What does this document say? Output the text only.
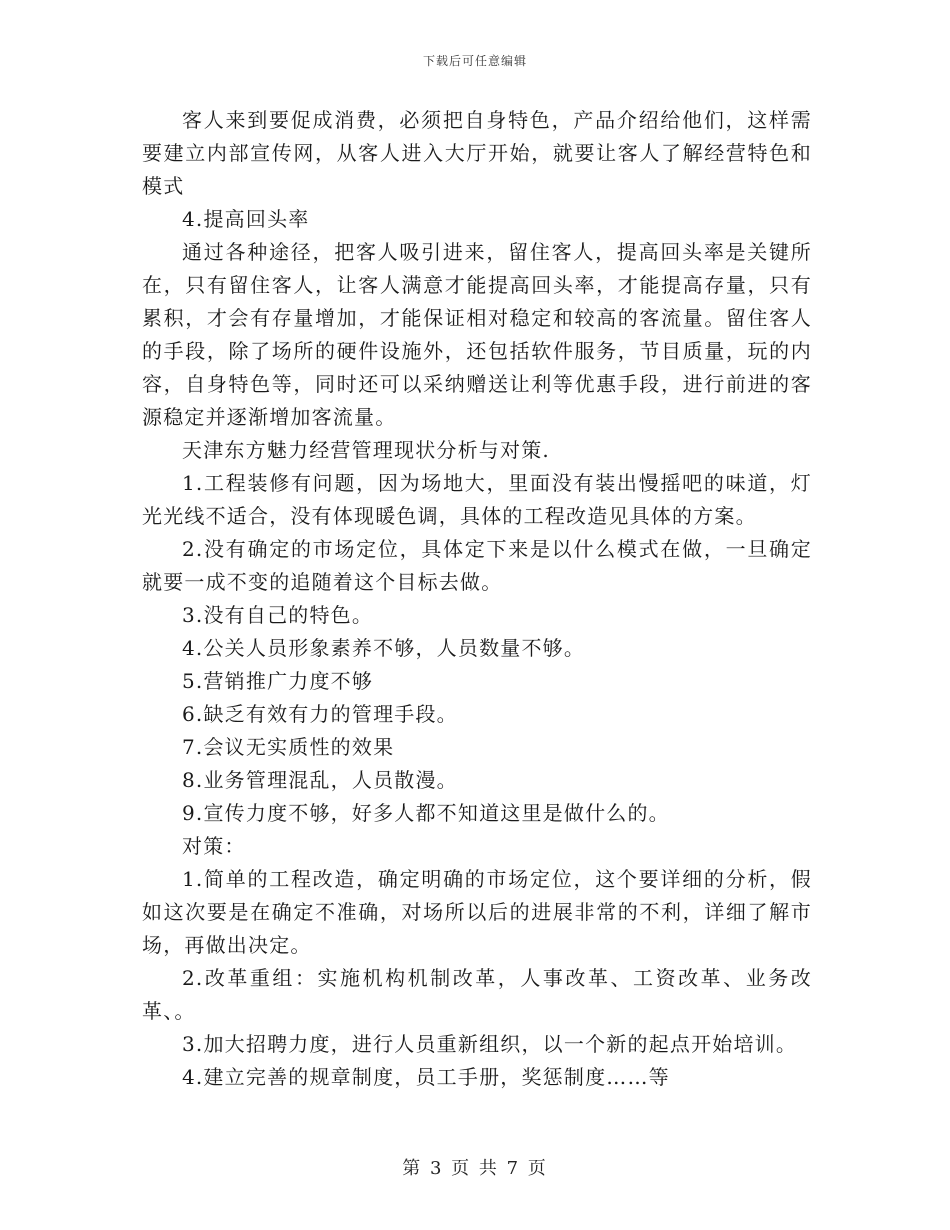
下载后可任意编辑

客人来到要促成消费，必须把自身特色，产品介绍给他们，这样需要建立内部宣传网，从客人进入大厅开始，就要让客人了解经营特色和模式

4.提高回头率

通过各种途径，把客人吸引进来，留住客人，提高回头率是关键所在，只有留住客人，让客人满意才能提高回头率，才能提高存量，只有累积，才会有存量增加，才能保证相对稳定和较高的客流量。留住客人的手段，除了场所的硬件设施外，还包括软件服务，节目质量，玩的内容，自身特色等，同时还可以采纳赠送让利等优惠手段，进行前进的客源稳定并逐渐增加客流量。

天津东方魅力经营管理现状分析与对策.

1.工程装修有问题，因为场地大，里面没有装出慢摇吧的味道，灯光光线不适合，没有体现暖色调，具体的工程改造见具体的方案。

2.没有确定的市场定位，具体定下来是以什么模式在做，一旦确定就要一成不变的追随着这个目标去做。

3.没有自己的特色。

4.公关人员形象素养不够，人员数量不够。

5.营销推广力度不够

6.缺乏有效有力的管理手段。

7.会议无实质性的效果

8.业务管理混乱，人员散漫。

9.宣传力度不够，好多人都不知道这里是做什么的。

对策：

1.简单的工程改造，确定明确的市场定位，这个要详细的分析，假如这次要是在确定不准确，对场所以后的进展非常的不利，详细了解市场，再做出决定。

2.改革重组：实施机构机制改革，人事改革、工资改革、业务改革、。

3.加大招聘力度，进行人员重新组织，以一个新的起点开始培训。

4.建立完善的规章制度，员工手册，奖惩制度……等

第 3 页 共 7 页
